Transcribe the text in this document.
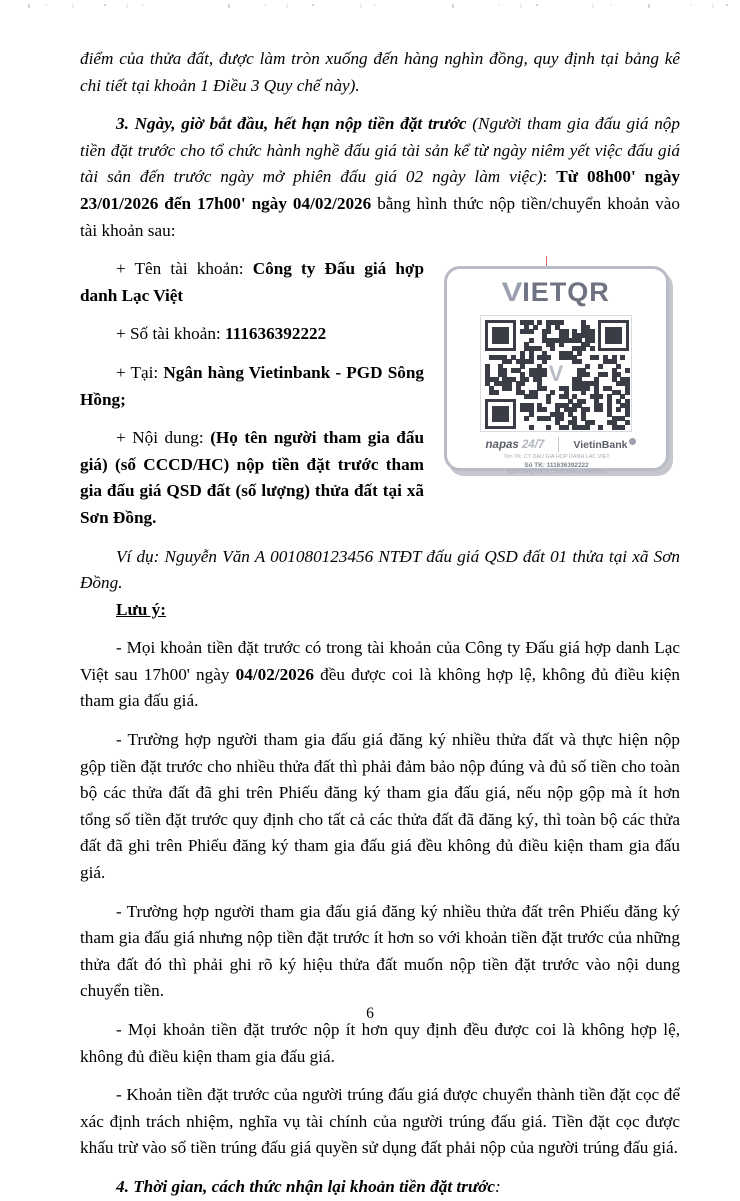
điểm của thửa đất, được làm tròn xuống đến hàng nghìn đồng, quy định tại bảng kê chi tiết tại khoản 1 Điều 3 Quy chế này).

3. Ngày, giờ bắt đầu, hết hạn nộp tiền đặt trước (Người tham gia đấu giá nộp tiền đặt trước cho tổ chức hành nghề đấu giá tài sản kể từ ngày niêm yết việc đấu giá tài sản đến trước ngày mở phiên đấu giá 02 ngày làm việc): Từ 08h00' ngày 23/01/2026 đến 17h00' ngày 04/02/2026 bằng hình thức nộp tiền/chuyển khoản vào tài khoản sau:

VIETQR
V
napas 24/7	VietinBank
Tên TK: CT DAU GIA HOP DANH LAC VIET
Số TK: 111636392222
Ngân hàng TMCP Công thương Việt Nam

+ Tên tài khoản: Công ty Đấu giá hợp danh Lạc Việt

+ Số tài khoản: 111636392222

+ Tại: Ngân hàng Vietinbank - PGD Sông Hồng;

+ Nội dung: (Họ tên người tham gia đấu giá) (số CCCD/HC) nộp tiền đặt trước tham gia đấu giá QSD đất (số lượng) thửa đất tại xã Sơn Đồng.

Ví dụ: Nguyễn Văn A 001080123456 NTĐT đấu giá QSD đất 01 thửa tại xã Sơn Đồng.

Lưu ý:

- Mọi khoản tiền đặt trước có trong tài khoản của Công ty Đấu giá hợp danh Lạc Việt sau 17h00' ngày 04/02/2026 đều được coi là không hợp lệ, không đủ điều kiện tham gia đấu giá.

- Trường hợp người tham gia đấu giá đăng ký nhiều thửa đất và thực hiện nộp gộp tiền đặt trước cho nhiều thửa đất thì phải đảm bảo nộp đúng và đủ số tiền cho toàn bộ các thửa đất đã ghi trên Phiếu đăng ký tham gia đấu giá, nếu nộp gộp mà ít hơn tổng số tiền đặt trước quy định cho tất cả các thửa đất đã đăng ký, thì toàn bộ các thửa đất đã ghi trên Phiếu đăng ký tham gia đấu giá đều không đủ điều kiện tham gia đấu giá.

- Trường hợp người tham gia đấu giá đăng ký nhiều thửa đất trên Phiếu đăng ký tham gia đấu giá nhưng nộp tiền đặt trước ít hơn so với khoản tiền đặt trước của những thửa đất đó thì phải ghi rõ ký hiệu thửa đất muốn nộp tiền đặt trước vào nội dung chuyển tiền.

- Mọi khoản tiền đặt trước nộp ít hơn quy định đều được coi là không hợp lệ, không đủ điều kiện tham gia đấu giá.

- Khoản tiền đặt trước của người trúng đấu giá được chuyển thành tiền đặt cọc để xác định trách nhiệm, nghĩa vụ tài chính của người trúng đấu giá. Tiền đặt cọc được khấu trừ vào số tiền trúng đấu giá quyền sử dụng đất phải nộp của người trúng đấu giá.

4. Thời gian, cách thức nhận lại khoản tiền đặt trước:

6
